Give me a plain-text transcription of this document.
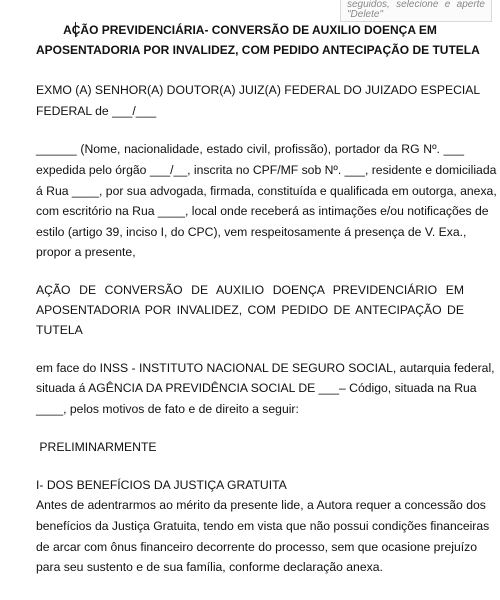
seguidos, selecione e aperte
"Delete"
AÇÃO PREVIDENCIÁRIA- CONVERSÃO DE AUXILIO DOENÇA EM
APOSENTADORIA POR INVALIDEZ, COM PEDIDO ANTECIPAÇÃO DE TUTELA
EXMO (A) SENHOR(A) DOUTOR(A) JUIZ(A) FEDERAL DO JUIZADO ESPECIAL
FEDERAL de ___/___
______ (Nome, nacionalidade, estado civil, profissão), portador da RG Nº. ___
expedida pelo órgão ___/__, inscrita no CPF/MF sob Nº. ___, residente e domiciliada
á Rua ____, por sua advogada, firmada, constituída e qualificada em outorga, anexa,
com escritório na Rua ____, local onde receberá as intimações e/ou notificações de
estilo (artigo 39, inciso I, do CPC), vem respeitosamente á presença de V. Exa.,
propor a presente,
AÇÃO DE CONVERSÃO DE AUXILIO DOENÇA PREVIDENCIÁRIO EM
APOSENTADORIA POR INVALIDEZ, COM PEDIDO DE ANTECIPAÇÃO DE
TUTELA
em face do INSS - INSTITUTO NACIONAL DE SEGURO SOCIAL, autarquia federal,
situada á AGÊNCIA DA PREVIDÊNCIA SOCIAL DE ___– Código, situada na Rua
____, pelos motivos de fato e de direito a seguir:
PRELIMINARMENTE
I- DOS BENEFÍCIOS DA JUSTIÇA GRATUITA
Antes de adentrarmos ao mérito da presente lide, a Autora requer a concessão dos
benefícios da Justiça Gratuita, tendo em vista que não possui condições financeiras
de arcar com ônus financeiro decorrente do processo, sem que ocasione prejuízo
para seu sustento e de sua família, conforme declaração anexa.
